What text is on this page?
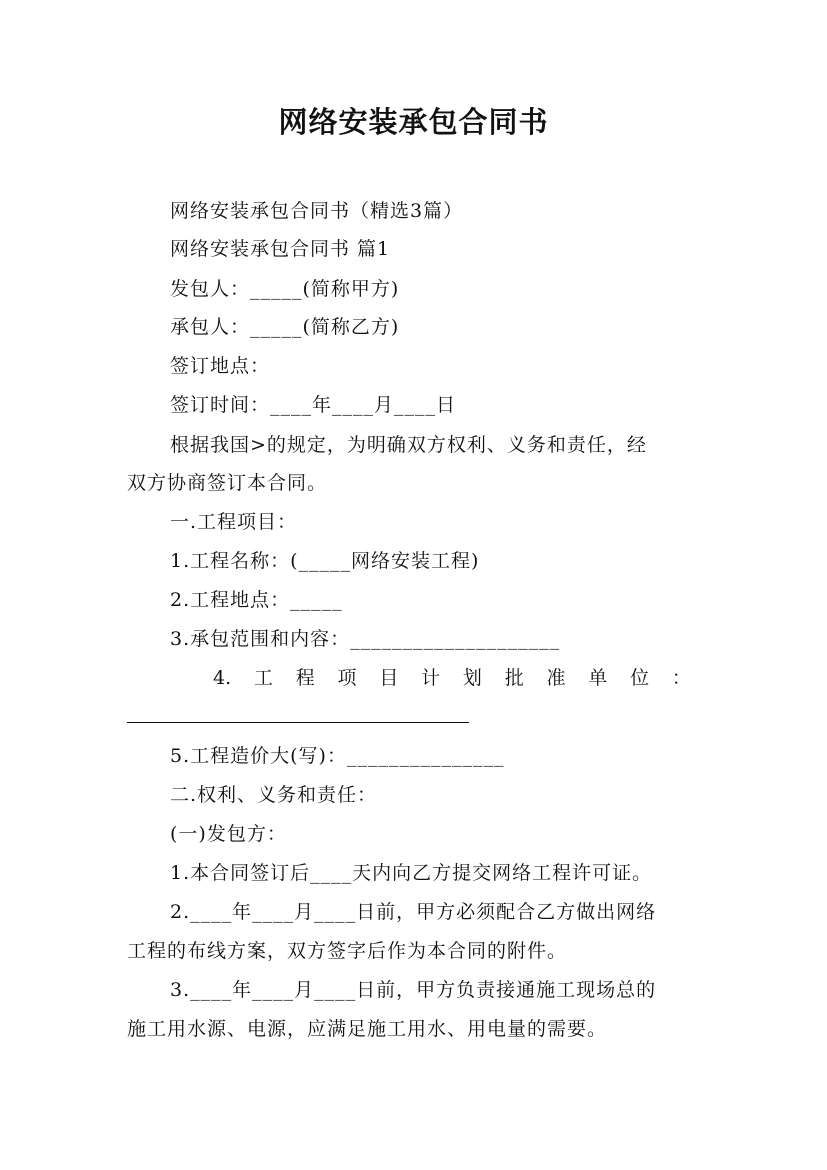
网络安装承包合同书
网络安装承包合同书（精选3篇）
网络安装承包合同书 篇1
发包人：_____(简称甲方)
承包人：_____(简称乙方)
签订地点：
签订时间：____年____月____日
根据我国>的规定，为明确双方权利、义务和责任，经
双方协商签订本合同。
一.工程项目：
1.工程名称：(_____网络安装工程)
2.工程地点：_____
3.承包范围和内容：____________________
4. 工 程 项 目 计 划 批 准 单 位 ：
5.工程造价大(写)：_______________
二.权利、义务和责任：
(一)发包方：
1.本合同签订后____天内向乙方提交网络工程许可证。
2.____年____月____日前，甲方必须配合乙方做出网络
工程的布线方案，双方签字后作为本合同的附件。
3.____年____月____日前，甲方负责接通施工现场总的
施工用水源、电源，应满足施工用水、用电量的需要。
